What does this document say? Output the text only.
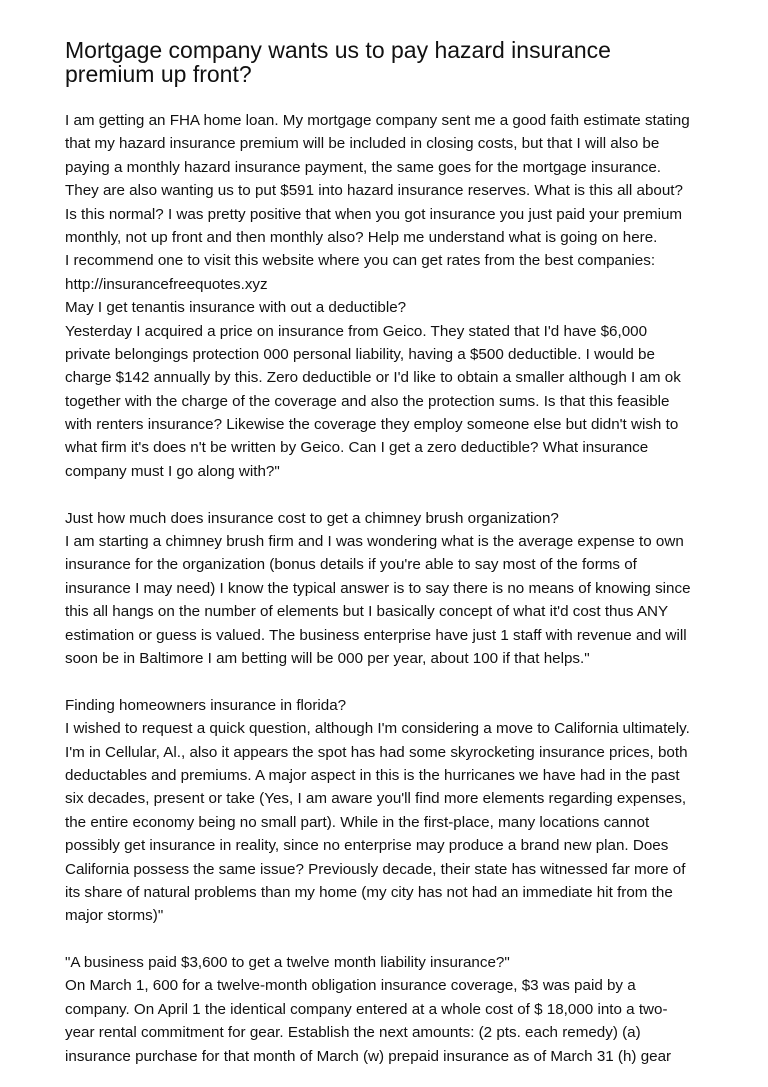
Mortgage company wants us to pay hazard insurance
premium up front?
I am getting an FHA home loan. My mortgage company sent me a good faith estimate stating
that my hazard insurance premium will be included in closing costs, but that I will also be
paying a monthly hazard insurance payment, the same goes for the mortgage insurance.
They are also wanting us to put $591 into hazard insurance reserves. What is this all about?
Is this normal? I was pretty positive that when you got insurance you just paid your premium
monthly, not up front and then monthly also? Help me understand what is going on here.
I recommend one to visit this website where you can get rates from the best companies:
http://insurancefreequotes.xyz
May I get tenantis insurance with out a deductible?
Yesterday I acquired a price on insurance from Geico. They stated that I'd have $6,000
private belongings protection 000 personal liability, having a $500 deductible. I would be
charge $142 annually by this. Zero deductible or I'd like to obtain a smaller although I am ok
together with the charge of the coverage and also the protection sums. Is that this feasible
with renters insurance? Likewise the coverage they employ someone else but didn't wish to
what firm it's does n't be written by Geico. Can I get a zero deductible? What insurance
company must I go along with?"
Just how much does insurance cost to get a chimney brush organization?
I am starting a chimney brush firm and I was wondering what is the average expense to own
insurance for the organization (bonus details if you're able to say most of the forms of
insurance I may need) I know the typical answer is to say there is no means of knowing since
this all hangs on the number of elements but I basically concept of what it'd cost thus ANY
estimation or guess is valued. The business enterprise have just 1 staff with revenue and will
soon be in Baltimore I am betting will be 000 per year, about 100 if that helps."
Finding homeowners insurance in florida?
I wished to request a quick question, although I'm considering a move to California ultimately.
I'm in Cellular, Al., also it appears the spot has had some skyrocketing insurance prices, both
deductables and premiums. A major aspect in this is the hurricanes we have had in the past
six decades, present or take (Yes, I am aware you'll find more elements regarding expenses,
the entire economy being no small part). While in the first-place, many locations cannot
possibly get insurance in reality, since no enterprise may produce a brand new plan. Does
California possess the same issue? Previously decade, their state has witnessed far more of
its share of natural problems than my home (my city has not had an immediate hit from the
major storms)"
"A business paid $3,600 to get a twelve month liability insurance?"
On March 1, 600 for a twelve-month obligation insurance coverage, $3 was paid by a
company. On April 1 the identical company entered at a whole cost of $ 18,000 into a two-
year rental commitment for gear. Establish the next amounts: (2 pts. each remedy) (a)
insurance purchase for that month of March (w) prepaid insurance as of March 31 (h) gear
